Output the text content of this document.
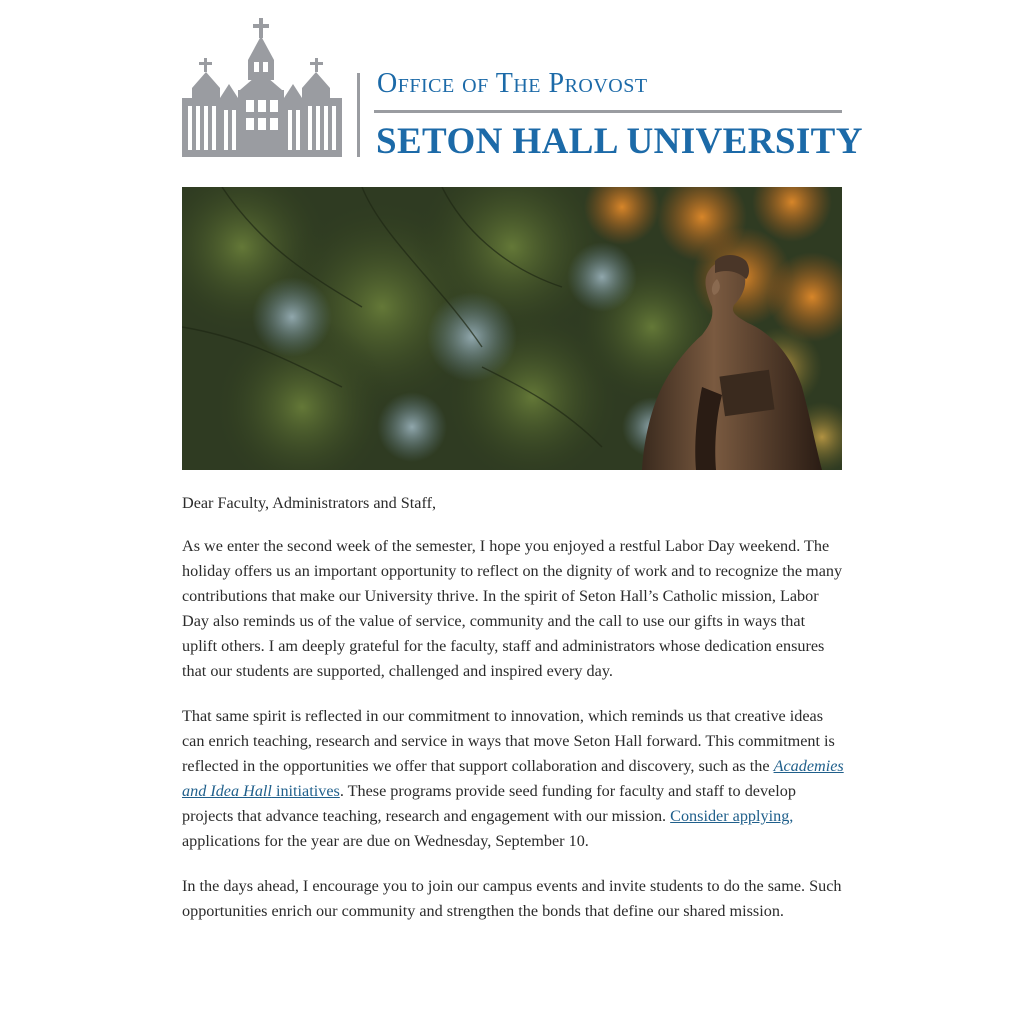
Office of The Provost
SETON HALL UNIVERSITY

Dear Faculty, Administrators and Staff,

As we enter the second week of the semester, I hope you enjoyed a restful Labor Day weekend. The holiday offers us an important opportunity to reflect on the dignity of work and to recognize the many contributions that make our University thrive. In the spirit of Seton Hall’s Catholic mission, Labor Day also reminds us of the value of service, community and the call to use our gifts in ways that uplift others. I am deeply grateful for the faculty, staff and administrators whose dedication ensures that our students are supported, challenged and inspired every day.

That same spirit is reflected in our commitment to innovation, which reminds us that creative ideas can enrich teaching, research and service in ways that move Seton Hall forward. This commitment is reflected in the opportunities we offer that support collaboration and discovery, such as the Academies and Idea Hall initiatives. These programs provide seed funding for faculty and staff to develop projects that advance teaching, research and engagement with our mission. Consider applying, applications for the year are due on Wednesday, September 10.

In the days ahead, I encourage you to join our campus events and invite students to do the same. Such opportunities enrich our community and strengthen the bonds that define our shared mission.
